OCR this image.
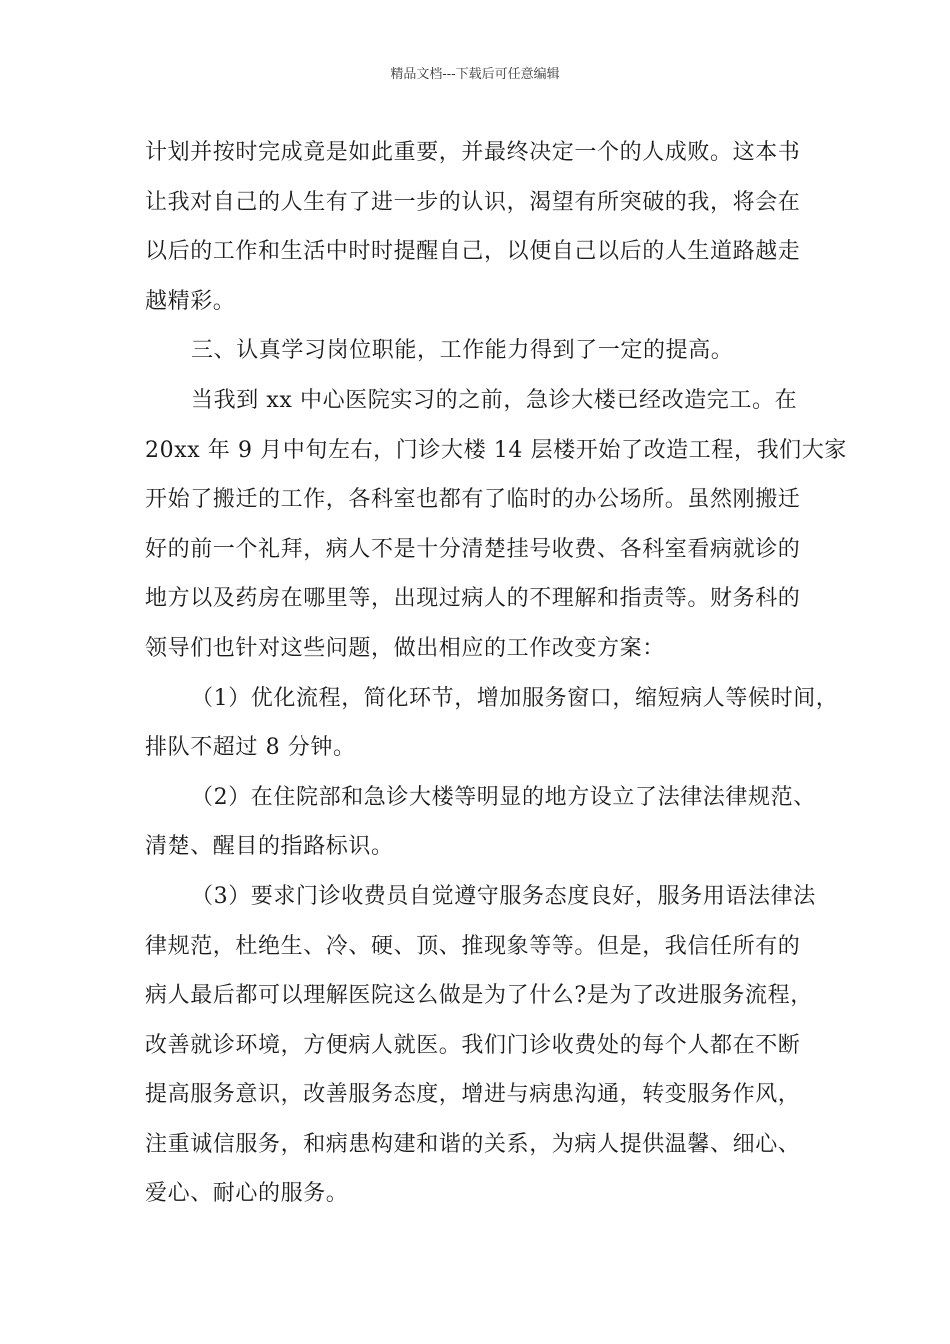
精品文档---下载后可任意编辑

计划并按时完成竟是如此重要，并最终决定一个的人成败。这本书

让我对自己的人生有了进一步的认识，渴望有所突破的我，将会在

以后的工作和生活中时时提醒自己，以便自己以后的人生道路越走

越精彩。

三、认真学习岗位职能，工作能力得到了一定的提高。

当我到 xx 中心医院实习的之前，急诊大楼已经改造完工。在

20xx 年 9 月中旬左右，门诊大楼 14 层楼开始了改造工程，我们大家

开始了搬迁的工作，各科室也都有了临时的办公场所。虽然刚搬迁

好的前一个礼拜，病人不是十分清楚挂号收费、各科室看病就诊的

地方以及药房在哪里等，出现过病人的不理解和指责等。财务科的

领导们也针对这些问题，做出相应的工作改变方案：

（1）优化流程，简化环节，增加服务窗口，缩短病人等候时间，

排队不超过 8 分钟。

（2）在住院部和急诊大楼等明显的地方设立了法律法律规范、

清楚、醒目的指路标识。

（3）要求门诊收费员自觉遵守服务态度良好，服务用语法律法

律规范，杜绝生、冷、硬、顶、推现象等等。但是，我信任所有的

病人最后都可以理解医院这么做是为了什么?是为了改进服务流程，

改善就诊环境，方便病人就医。我们门诊收费处的每个人都在不断

提高服务意识，改善服务态度，增进与病患沟通，转变服务作风，

注重诚信服务，和病患构建和谐的关系，为病人提供温馨、细心、

爱心、耐心的服务。
